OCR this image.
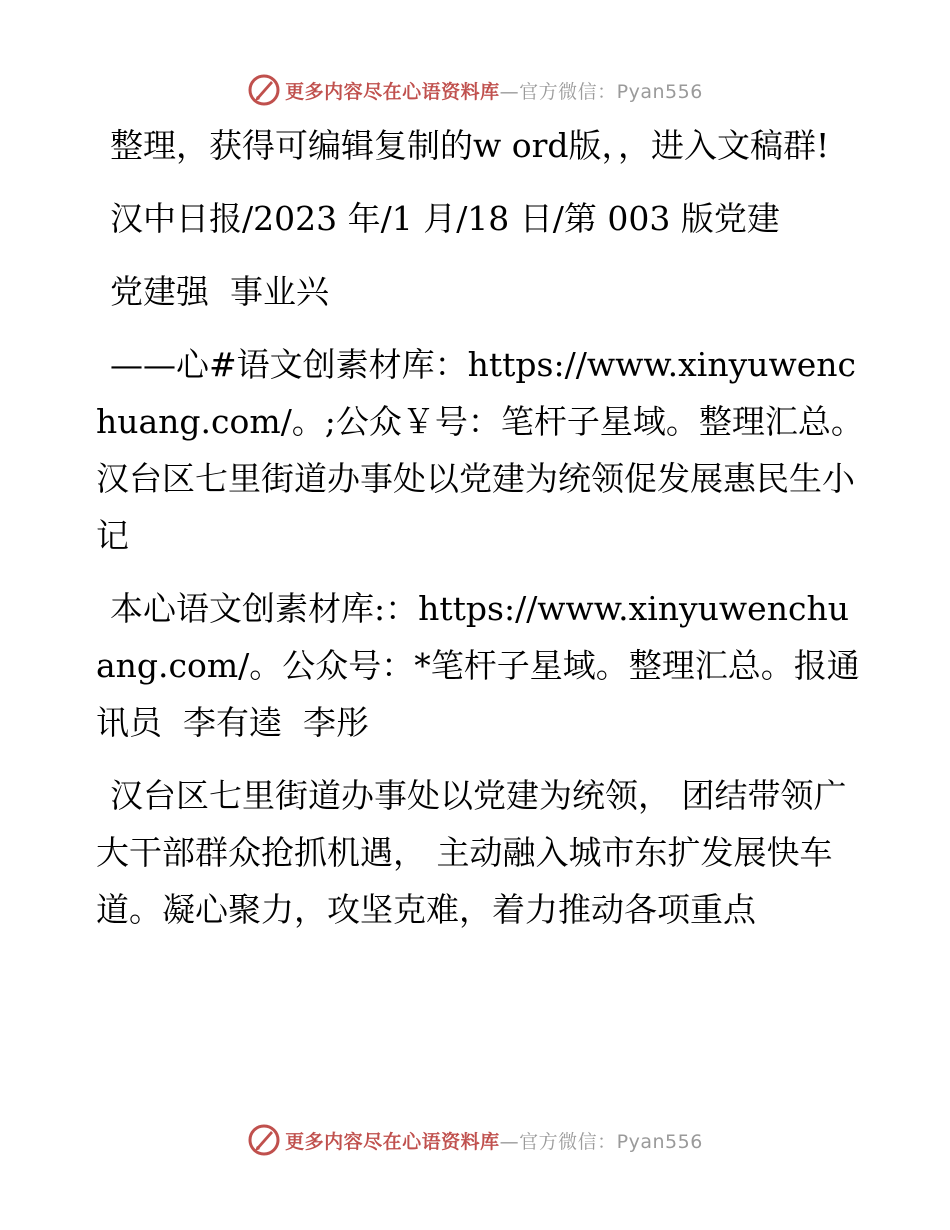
更多内容尽在心语资料库—官方微信：Pyan556

整理，获得可编辑复制的w ord版，，进入文稿群!

汉中日报/2023 年/1 月/18 日/第 003 版党建

党建强  事业兴

——心#语文创素材库：https://www.xinyuwenchuang.com/。;公众￥号：笔杆子星域。整理汇总。汉台区七里街道办事处以党建为统领促发展惠民生小记

本心语文创素材库:：https://www.xinyuwenchuang.com/。公众号：*笔杆子星域。整理汇总。报通讯员  李有逵  李彤

汉台区七里街道办事处以党建为统领， 团结带领广大干部群众抢抓机遇， 主动融入城市东扩发展快车道。凝心聚力，攻坚克难，着力推动各项重点

更多内容尽在心语资料库—官方微信：Pyan556
